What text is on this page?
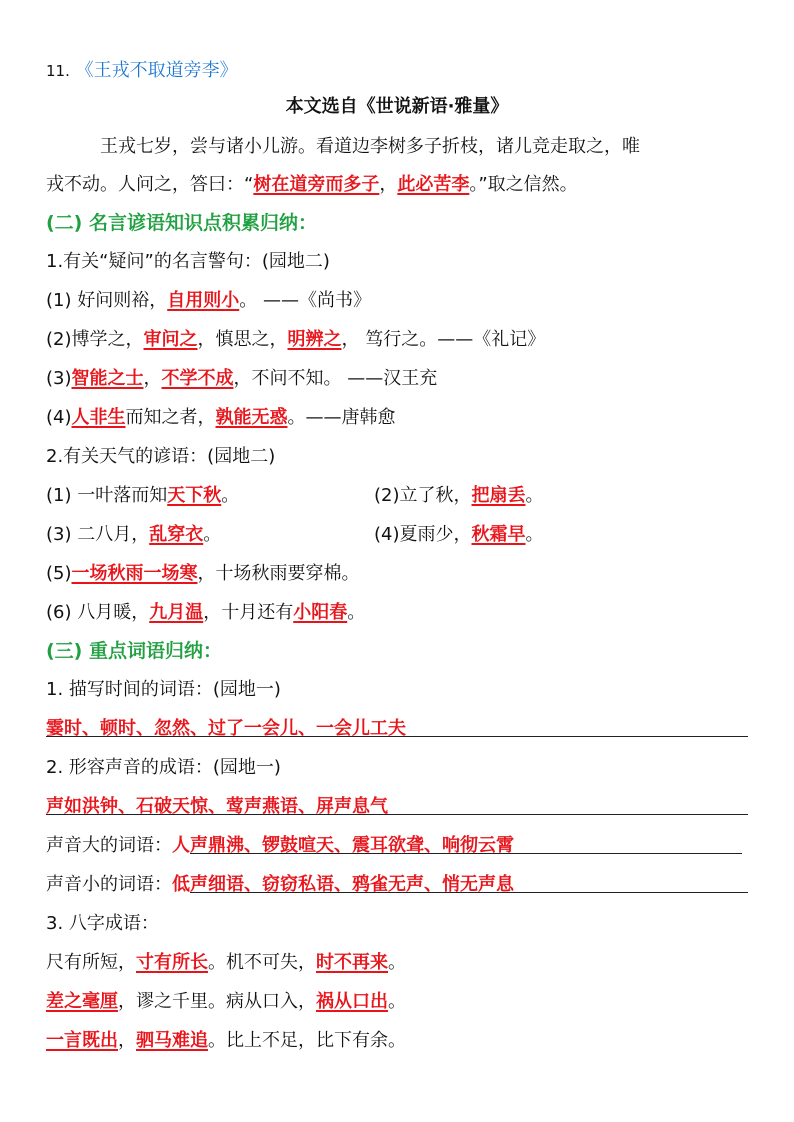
11. 《王戎不取道旁李》
本文选自《世说新语·雅量》
王戎七岁，尝与诸小儿游。看道边李树多子折枝，诸儿竞走取之，唯
戎不动。人问之，答曰：“树在道旁而多子，此必苦李。”取之信然。
(二) 名言谚语知识点积累归纳：
1.有关“疑问”的名言警句：(园地二)
(1) 好问则裕，自用则小。 ——《尚书》
(2)博学之，审问之，慎思之，明辨之， 笃行之。——《礼记》
(3)智能之士，不学不成，不问不知。 ——汉王充
(4)人非生而知之者，孰能无惑。——唐韩愈
2.有关天气的谚语：(园地二)
(1) 一叶落而知天下秋。	(2)立了秋，把扇丢。
(3) 二八月，乱穿衣。	(4)夏雨少，秋霜早。
(5)一场秋雨一场寒，十场秋雨要穿棉。
(6) 八月暖，九月温，十月还有小阳春。
(三) 重点词语归纳：
1. 描写时间的词语：(园地一)
霎时、顿时、忽然、过了一会儿、一会儿工夫
2. 形容声音的成语：(园地一)
声如洪钟、石破天惊、莺声燕语、屏声息气
声音大的词语：人声鼎沸、锣鼓喧天、震耳欲聋、响彻云霄
声音小的词语：低声细语、窃窃私语、鸦雀无声、悄无声息
3. 八字成语：
尺有所短，寸有所长。机不可失，时不再来。
差之毫厘，谬之千里。病从口入，祸从口出。
一言既出，驷马难追。比上不足，比下有余。
